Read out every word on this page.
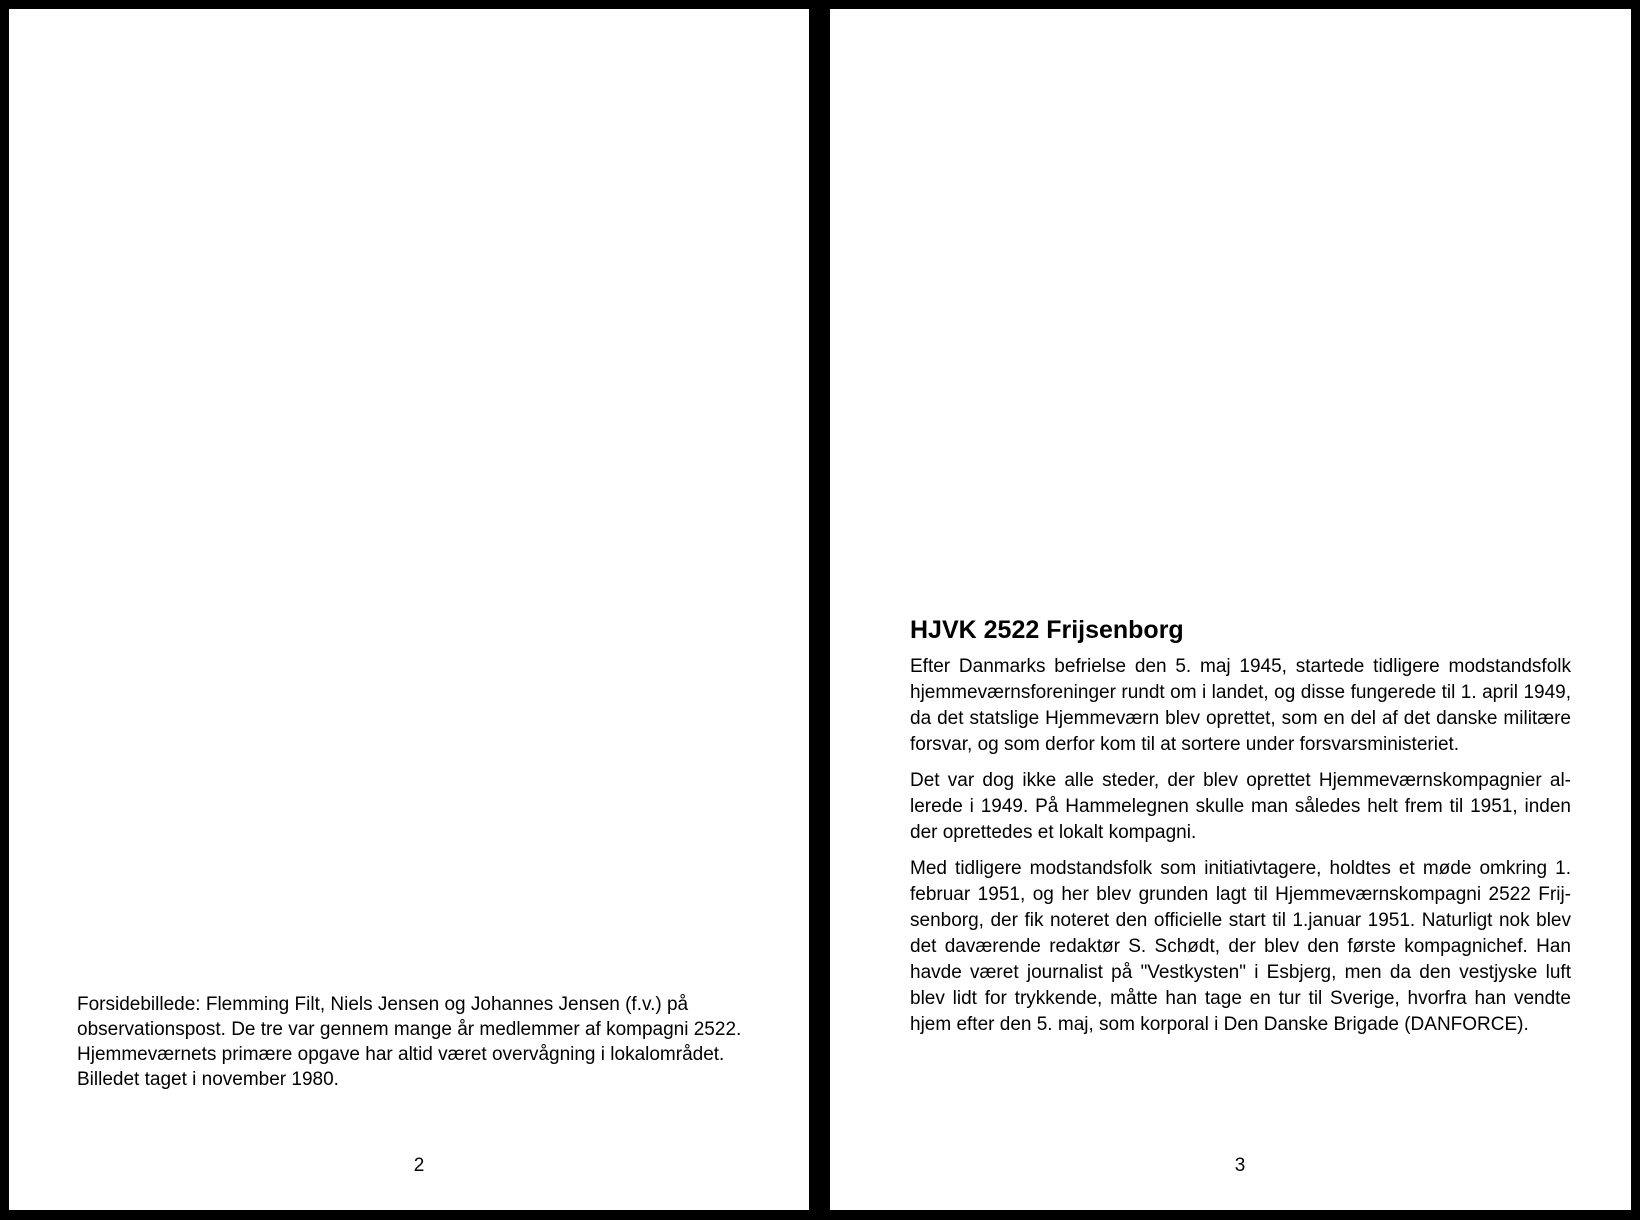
Forsidebillede: Flemming Filt, Niels Jensen og Johannes Jensen (f.v.) på

observationspost. De tre var gennem mange år medlemmer af kompagni 2522.

Hjemmeværnets primære opgave har altid været overvågning i lokalområdet.

Billedet taget i november 1980.

2
HJVK 2522 Frijsenborg

Efter Danmarks befrielse den 5. maj 1945, startede tidligere modstandsfolk hjemmeværnsforeninger rundt om i landet, og disse fungerede til 1. april 1949, da det statslige Hjemmeværn blev oprettet, som en del af det danske militære forsvar, og som derfor kom til at sortere under forsvarsministeriet.

Det var dog ikke alle steder, der blev oprettet Hjemmeværnskompagnier al-lerede i 1949. På Hammelegnen skulle man således helt frem til 1951, inden der oprettedes et lokalt kompagni.

Med tidligere modstandsfolk som initiativtagere, holdtes et møde omkring 1. februar 1951, og her blev grunden lagt til Hjemmeværnskompagni 2522 Frij-senborg, der fik noteret den officielle start til 1.januar 1951. Naturligt nok blev det daværende redaktør S. Schødt, der blev den første kompagnichef. Han havde været journalist på "Vestkysten" i Esbjerg, men da den vestjyske luft blev lidt for trykkende, måtte han tage en tur til Sverige, hvorfra han vendte hjem efter den 5. maj, som korporal i Den Danske Brigade (DANFORCE).

3
